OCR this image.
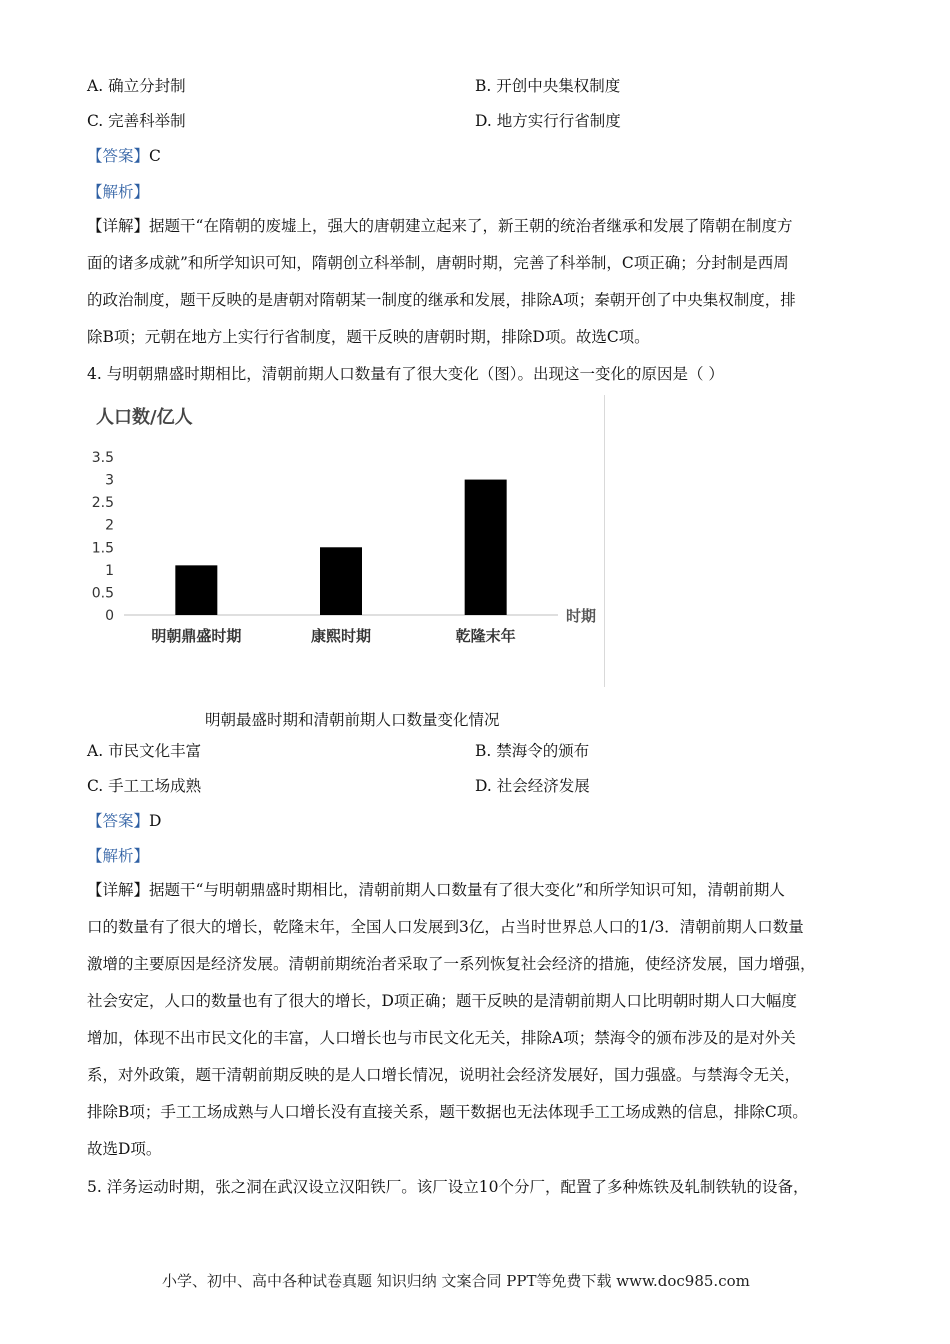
A. 确立分封制	B. 开创中央集权制度
C. 完善科举制	D. 地方实行行省制度
【答案】C
【解析】
【详解】据题干“在隋朝的废墟上，强大的唐朝建立起来了，新王朝的统治者继承和发展了隋朝在制度方
面的诸多成就”和所学知识可知，隋朝创立科举制，唐朝时期，完善了科举制，C项正确；分封制是西周
的政治制度，题干反映的是唐朝对隋朝某一制度的继承和发展，排除A项；秦朝开创了中央集权制度，排
除B项；元朝在地方上实行行省制度，题干反映的唐朝时期，排除D项。故选C项。
4. 与明朝鼎盛时期相比，清朝前期人口数量有了很大变化（图）。出现这一变化的原因是（ ）
人口数/亿人
0
0.5
1
1.5
2
2.5
3
3.5
明朝鼎盛时期	康熙时期	乾隆末年
时期
明朝最盛时期和清朝前期人口数量变化情况
A. 市民文化丰富	B. 禁海令的颁布
C. 手工工场成熟	D. 社会经济发展
【答案】D
【解析】
【详解】据题干“与明朝鼎盛时期相比，清朝前期人口数量有了很大变化”和所学知识可知，清朝前期人
口的数量有了很大的增长，乾隆末年，全国人口发展到3亿，占当时世界总人口的1/3．清朝前期人口数量
激增的主要原因是经济发展。清朝前期统治者采取了一系列恢复社会经济的措施，使经济发展，国力增强，
社会安定，人口的数量也有了很大的增长，D项正确；题干反映的是清朝前期人口比明朝时期人口大幅度
增加，体现不出市民文化的丰富，人口增长也与市民文化无关，排除A项；禁海令的颁布涉及的是对外关
系，对外政策，题干清朝前期反映的是人口增长情况，说明社会经济发展好，国力强盛。与禁海令无关，
排除B项；手工工场成熟与人口增长没有直接关系，题干数据也无法体现手工工场成熟的信息，排除C项。
故选D项。
5. 洋务运动时期，张之洞在武汉设立汉阳铁厂。该厂设立10个分厂，配置了多种炼铁及轧制铁轨的设备，
小学、初中、高中各种试卷真题 知识归纳 文案合同 PPT等免费下载 www.doc985.com
